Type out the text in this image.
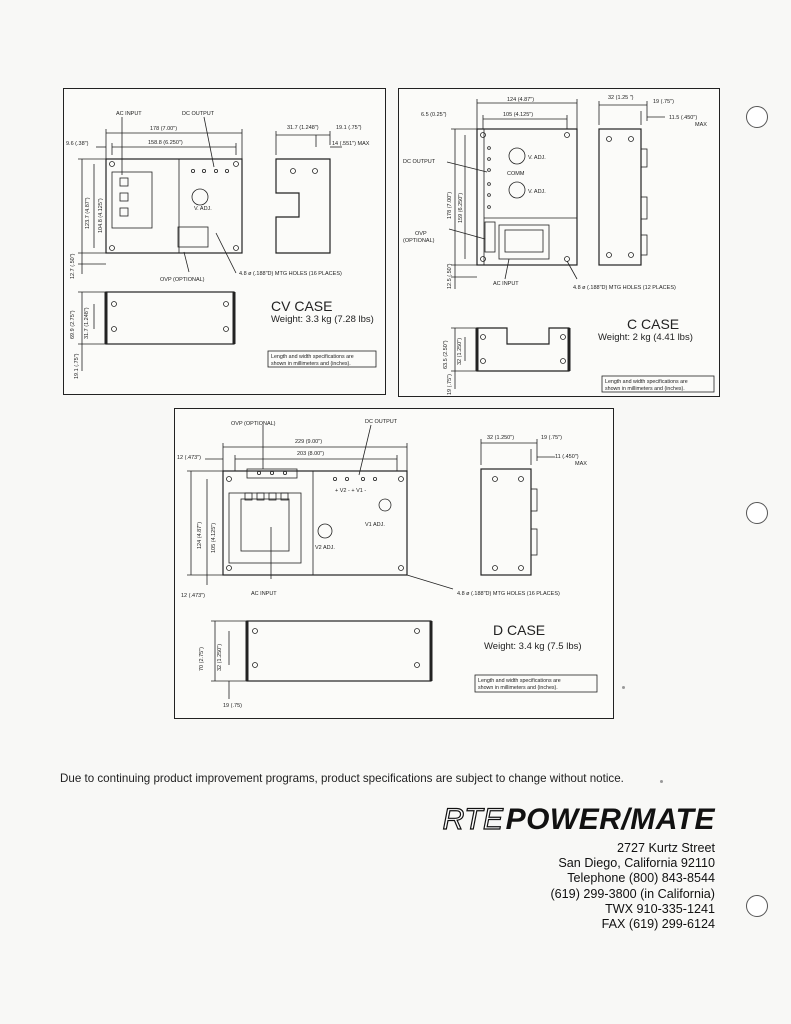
AC INPUT	DC OUTPUT
178 (7.00")
158.8 (6.250")
9.6 (.38")
31.7 (1.248")	19.1 (.75")
14 (.551") MAX
V. ADJ.
123.7 (4.87") 104.8 (4.125")
12.7 (.50")	4.8 ø (.188"D) MTG HOLES (16 PLACES)
OVP (OPTIONAL)
69.9 (2.75") 31.7 (1.248")
19.1 (.75")
CV CASE
Weight: 3.3 kg (7.28 lbs)
Length and width specifications are
shown in millimeters and (inches).
124 (4.87")
105 (4.125")
6.5 (0.25")
32 (1.25 ")
19 (.75")
11.5 (.450")
MAX
DC OUTPUT
V. ADJ.
COMM
V. ADJ.
178 (7.00") 159 (6.250")
OVP
(OPTIONAL)
12.5 (.50")	AC INPUT
4.8 ø (.188"D) MTG HOLES (12 PLACES)
63.5 (2.50") 32 (1.250")
19 (.75")
C CASE
Weight: 2 kg (4.41 lbs)
Length and width specifications are
shown in millimeters and (inches).
OVP (OPTIONAL)	DC OUTPUT
229 (9.00")
203 (8.00")
12 (.473")
+ V2 - + V1 -
V1 ADJ.
V2 ADJ.
124 (4.87") 105 (4.125")
12 (.473")	AC INPUT	4.8 ø (.188"D) MTG HOLES (16 PLACES)
32 (1.250")	19 (.75")
11 (.450")
MAX
70 (2.75") 32 (1.250")
19 (.75)
D CASE
Weight: 3.4 kg (7.5 lbs)
Length and width specifications are
shown in millimeters and (inches).
Due to continuing product improvement programs, product specifications are subject to change without notice.
RTEPOWER/MATE
2727 Kurtz Street
San Diego, California 92110
Telephone (800) 843-8544
(619) 299-3800 (in California)
TWX 910-335-1241
FAX (619) 299-6124
